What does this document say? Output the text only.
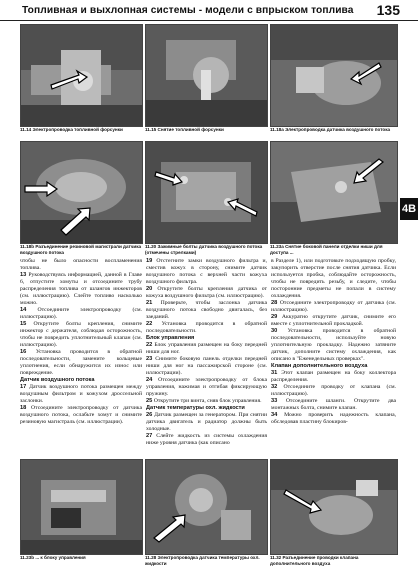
Топливная и выхлопная системы - модели с впрыском топлива 135
4B
11.14 Электропроводка топливной форсунки	11.15 Снятие топливной форсунки	11.18a Электропроводка датчика воздушного потока
11.18b Разъединение резиновой магистрали датчика воздушного потока
11.20 Зажимные болты датчика воздушного потока (отмечены стрелками)
11.23a Снятие боковой панели отделки ниши для доступа ...

чтобы не было опасности воспламенения топлива.

13 Руководствуясь информацией, данной в Главе 6, отпустите хомуты и отсоедините трубу распределения топлива от шлангов инжекторов (см. иллюстрацию). Слейте топливо насколько можно.

14 Отсоедините электропроводку (см. иллюстрацию).

15 Открутите болты крепления, снимите инжектор с держателя, соблюдая осторожность, чтобы не повредить уплотнительный клапан (см. иллюстрацию).

16 Установка проводится в обратной последовательности, замените кольцевые уплотнения, если обнаружится их износ или повреждение.

Датчик воздушного потока

17 Датчик воздушного потока размещен между воздушным фильтром и кожухом дроссельной заслонки.

18 Отсоедините электропроводку от датчика воздушного потока, ослабьте хомут и снимите резиновую магистраль (см. иллюстрации).

19 Отстегните замки воздушного фильтра и, сместив кожух в сторону, снимите датчик воздушного потока с верхней части кожуха воздушного фильтра.

20 Открутите болты крепления датчика от кожуха воздушного фильтра (см. иллюстрацию).

21 Проверьте, чтобы заслонка датчика воздушного потока свободно двигалась, без заеданий.

22 Установка проводится в обратной последовательности.

Блок управления

22 Блок управления размещен на боку передней ниши для ног.

23 Снимите боковую панель отделки передней ниши для ног на пассажирской стороне (см. иллюстрации).

24 Отсоедините электропроводку от блока управления, нажимая и отгибая фиксирующую пружину.

25 Открутите три винта, сняв блок управления.

Датчик температуры охл. жидкости

26 Датчик размещен за генератором. При снятии датчика двигатель и радиатор должны быть холодные.

27 Слейте жидкость из системы охлаждения ниже уровня датчика (как описано

в Разделе 1), или подготовьте подходящую пробку, закупорить отверстие после снятия датчика. Если используется пробка, соблюдайте осторожность, чтобы не повредить резьбу, и следите, чтобы посторонние предметы не попали в систему охлаждения.

28 Отсоедините электропроводку от датчика (см. иллюстрацию).

29 Аккуратно открутите датчик, снимите его вместе с уплотнительной прокладкой.

30 Установка проводится в обратной последовательности, используйте новую уплотнительную прокладку. Надежно затяните датчик, дополните систему охлаждения, как описано в "Еженедельных проверках".

Клапан дополнительного воздуха

31 Этот клапан размещен на боку коллектора распределения.

32 Отсоедините проводку от клапана (см. иллюстрацию).

33 Отсоедините шланги. Открутите два монтажных болта, снимите клапан.

34 Можно проверить надежность клапана, обследовав пластину блокиров-

11.23b ... к блоку управления	11.28 Электропроводка датчика температуры охл. жидкости
11.32 Разъединение проводки клапана дополнительного воздуха
